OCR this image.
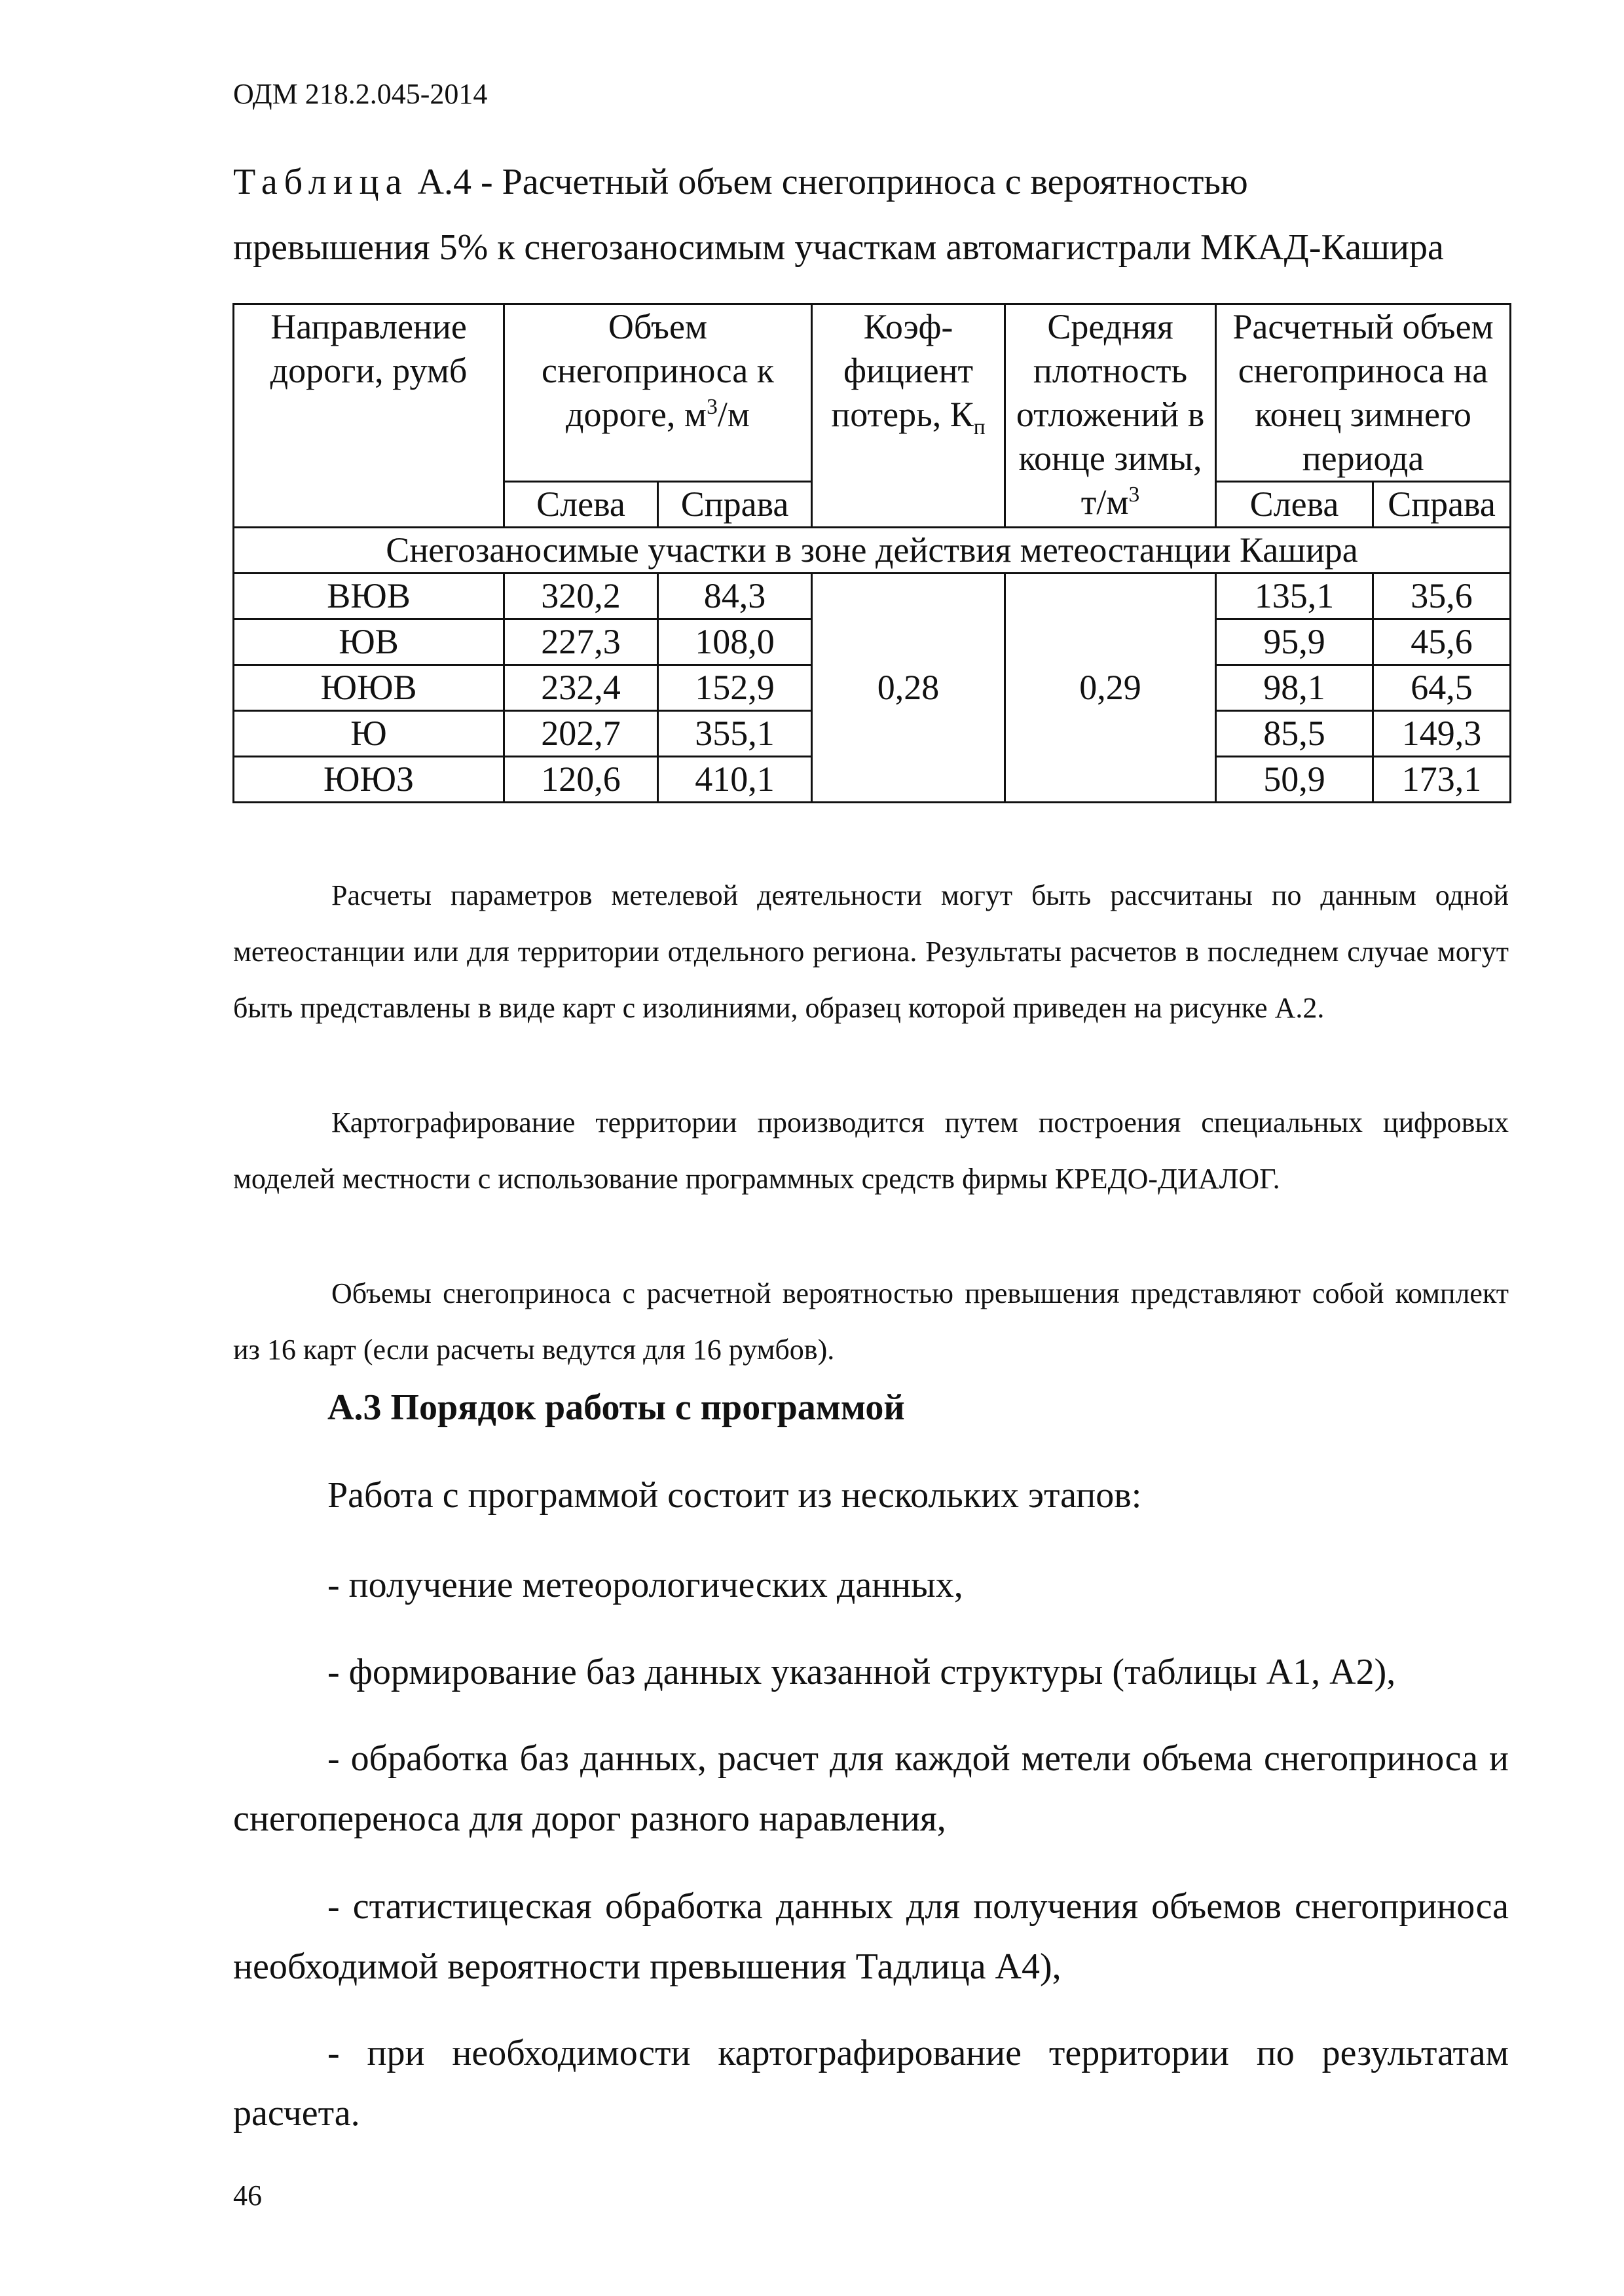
ОДМ 218.2.045-2014
Таблица А.4 - Расчетный объем снегоприноса с вероятностью
превышения 5% к снегозаносимым участкам автомагистрали МКАД-Кашира
Направление дороги, румб	Объем снегоприноса к дороге, $м^3/м$		Коэф-фициент потерь, $К_п$	Средняя плотность отложений в конце зимы, $т/м^3$	Расчетный объем снегоприноса на конец зимнего периода	

	Слева	Справа			Слева	Справа
Снегозаносимые участки в зоне действия метеостанции Кашира						
ВЮВ	320,2	84,3	0,28	0,29	135,1	35,6
ЮВ	227,3	108,0			95,9	45,6
ЮЮВ	232,4	152,9			98,1	64,5
Ю	202,7	355,1			85,5	149,3
ЮЮЗ	120,6	410,1			50,9	173,1
Расчеты параметров метелевой деятельности могут быть рассчитаны по данным одной метеостанции или для территории отдельного региона. Результаты расчетов в последнем случае могут быть представлены в виде карт с изолиниями, образец которой приведен на рисунке А.2.
Картографирование территории производится путем построения специальных цифровых моделей местности с использование программных средств фирмы КРЕДО-ДИАЛОГ.
Объемы снегоприноса с расчетной вероятностью превышения представляют собой комплект из 16 карт (если расчеты ведутся для 16 румбов).
А.3 Порядок работы с программой
Работа с программой состоит из нескольких этапов:
- получение метеорологических данных,
- формирование баз данных указанной структуры (таблицы А1, А2),
- обработка баз данных, расчет для каждой метели объема снегоприноса и снегопереноса для дорог разного наравления,
- статистицеская обработка данных для получения объемов снегоприноса необходимой вероятности превышения Тадлица А4),
- при необходимости картографирование территории по результатам расчета.
46
